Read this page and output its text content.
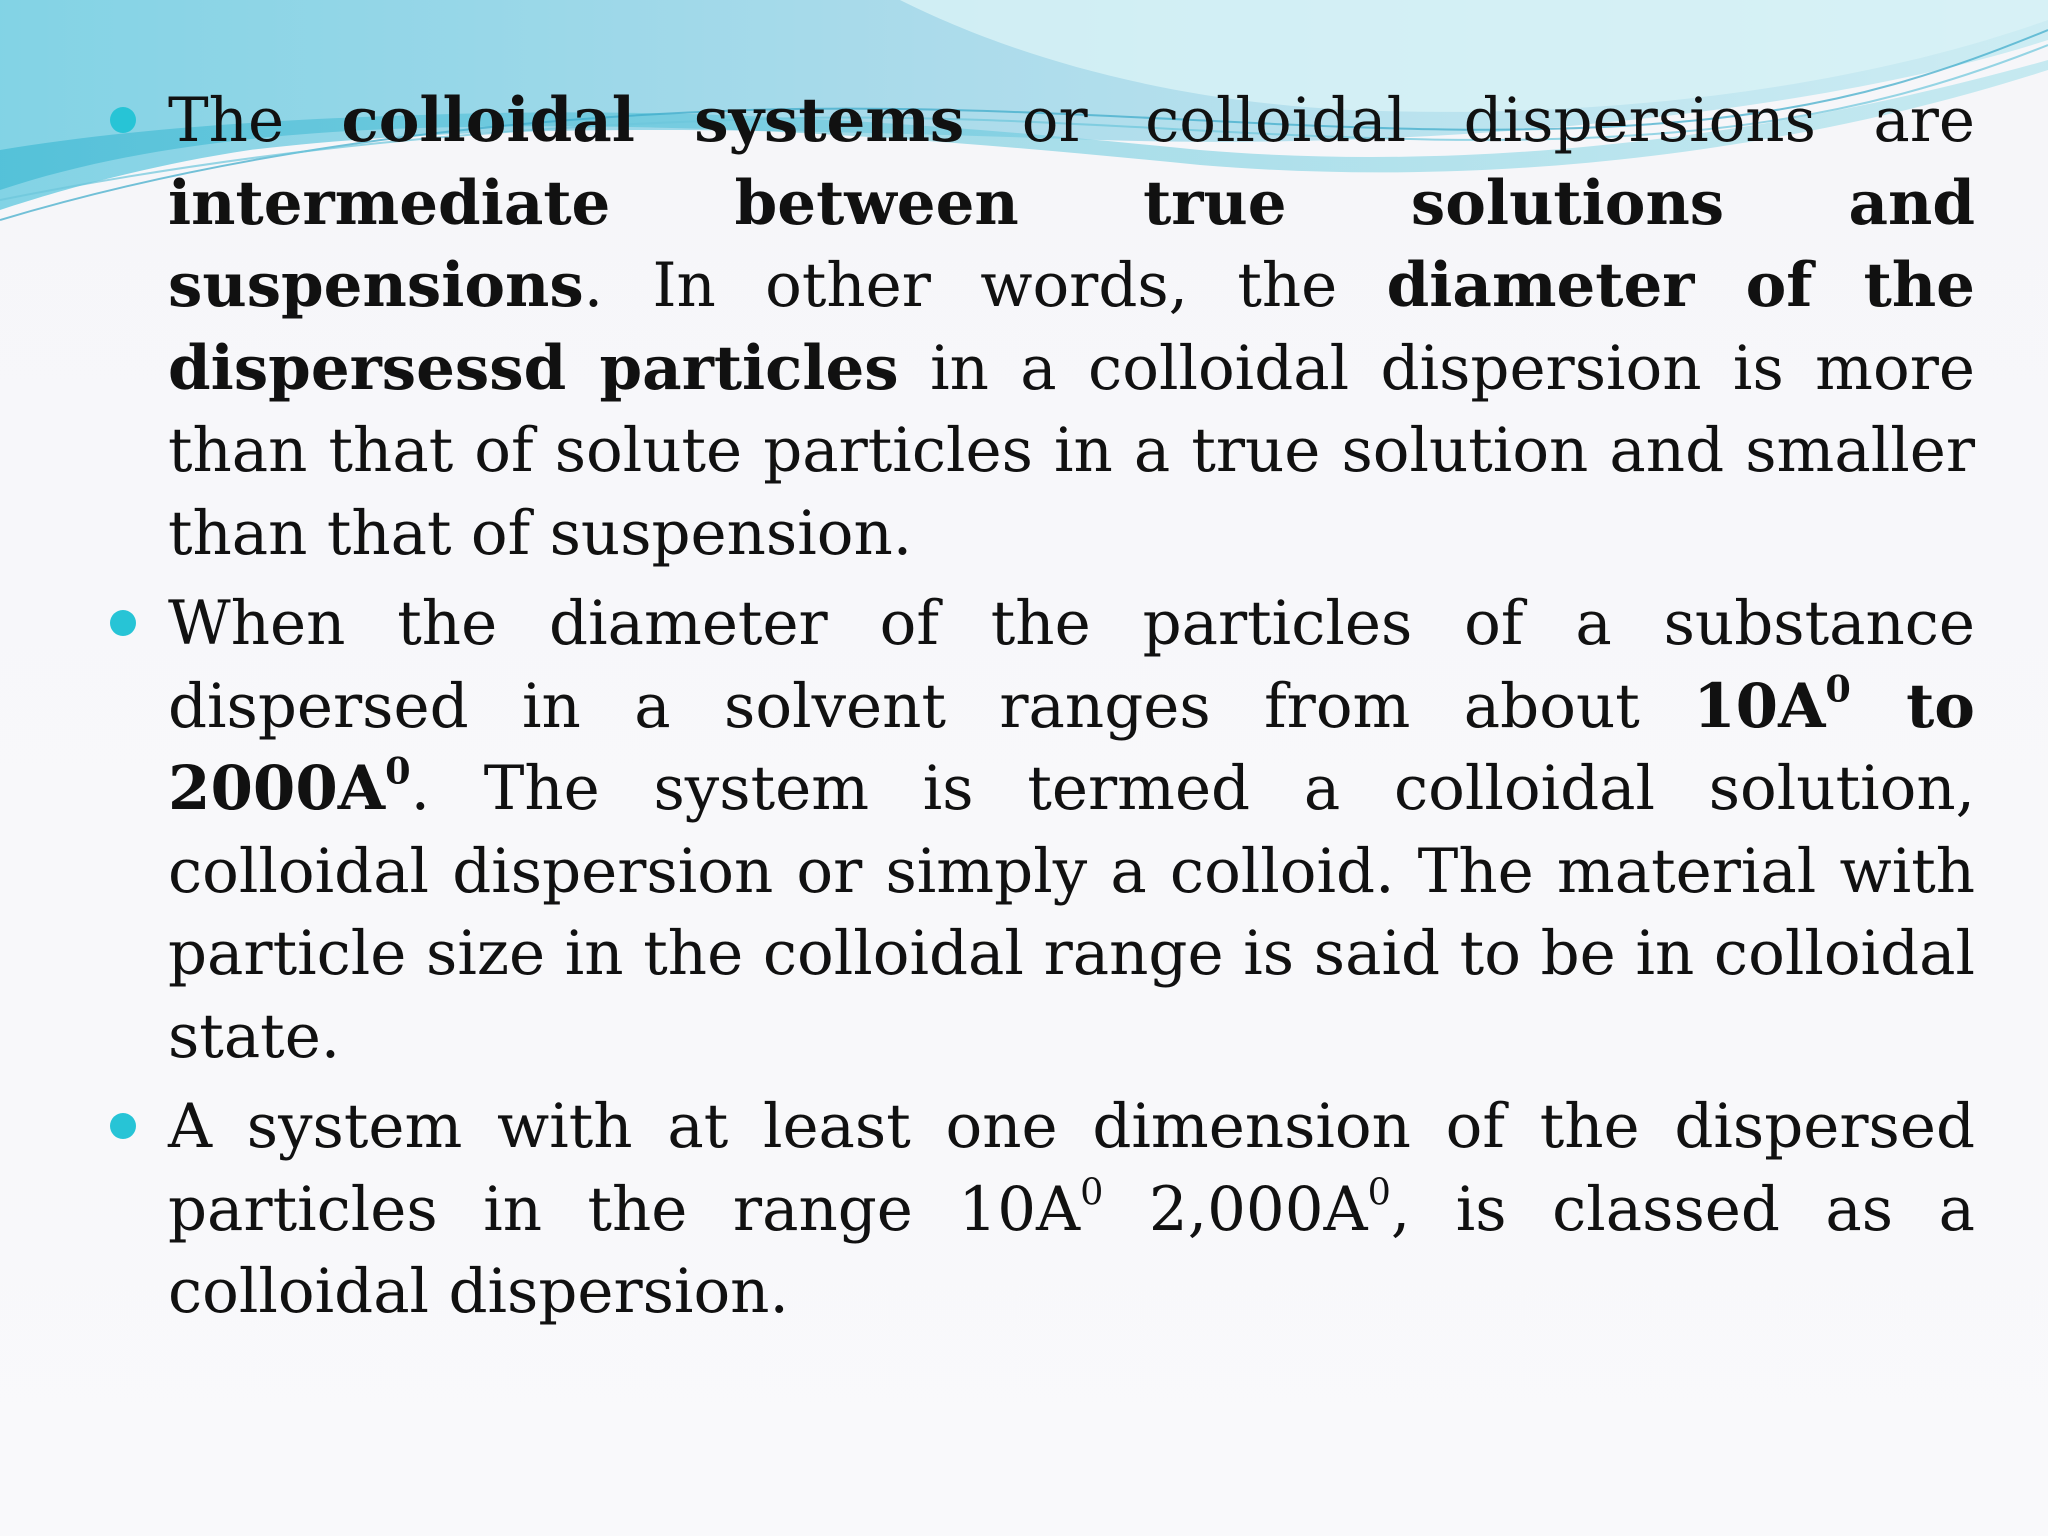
The colloidal systems or colloidal dispersions are intermediate between true solutions and suspensions. In other words, the diameter of the dispersessd particles in a colloidal dispersion is more than that of solute particles in a true solution and smaller than that of suspension.
When the diameter of the particles of a substance dispersed in a solvent ranges from about $10A^0$ to $2000A^0$. The system is termed a colloidal solution, colloidal dispersion or simply a colloid. The material with particle size in the colloidal range is said to be in colloidal state.
A system with at least one dimension of the dispersed particles in the range $10A^0$ $2,000A^0$, is classed as a colloidal dispersion.
